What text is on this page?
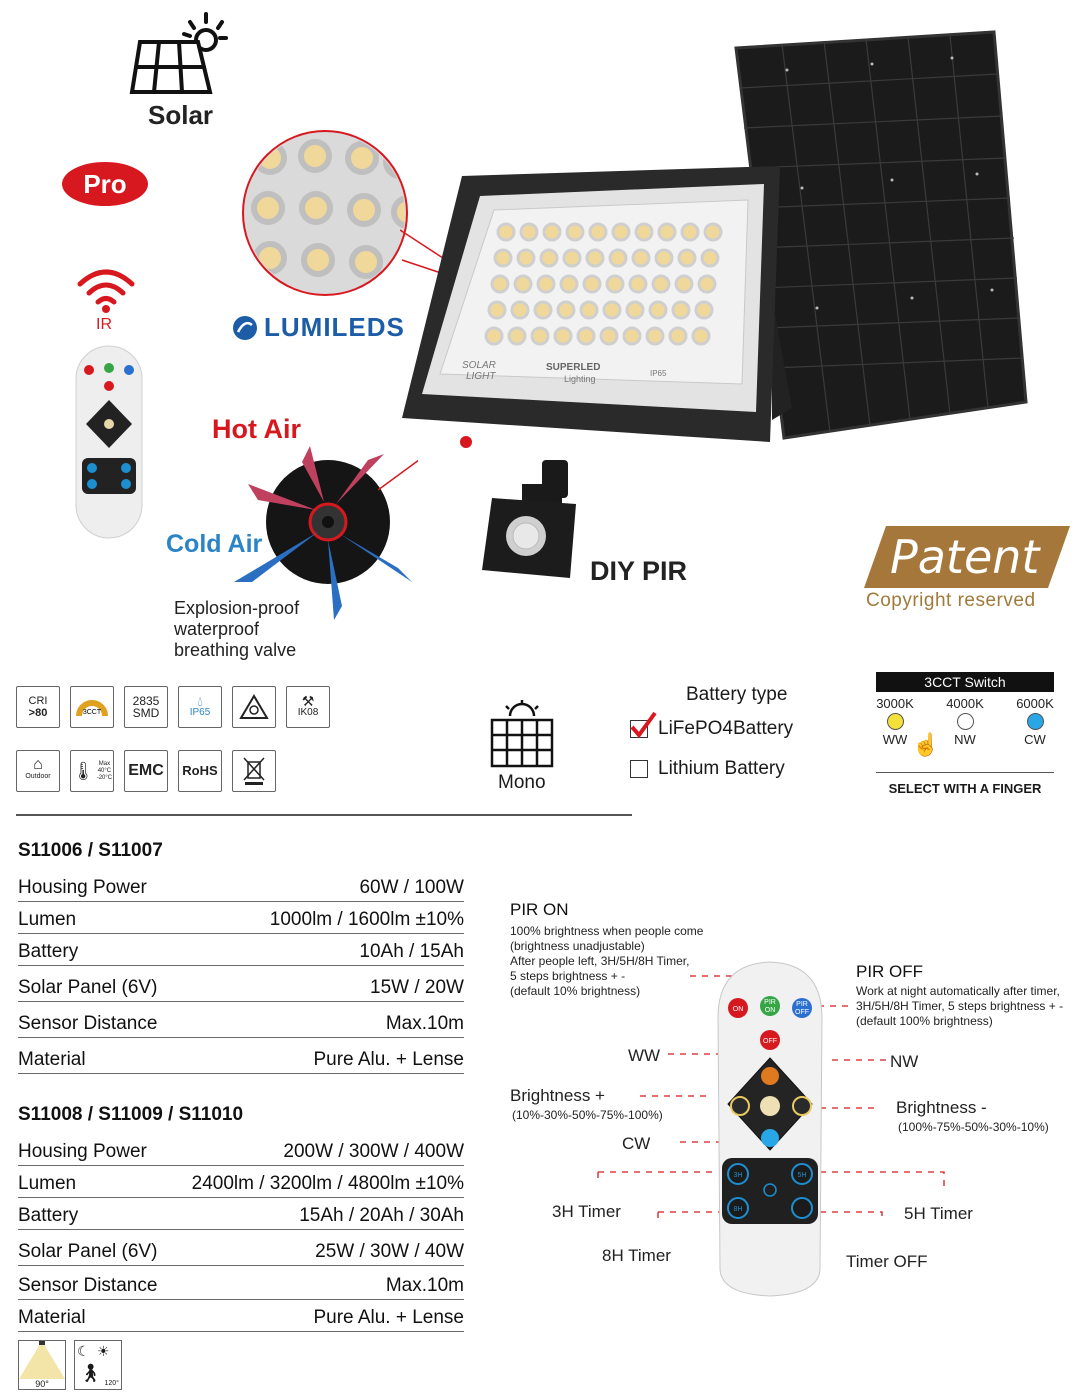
Solar
Pro
IR	LUMILEDS
SOLAR
LIGHT
SUPERLED
Lighting
IP65
Hot Air
Cold Air
Explosion-proof
waterproof
breathing valve
DIY PIR	Patent
Copyright reserved
CRI
>80	3CCT
2835
SMD
💧︎
IP65
⚒
IK08
⌂
Outdoor 🌡︎ Max
40°C
-20°C EMC RoHS
Mono
Battery type
LiFePO4Battery
Lithium Battery
3CCT Switch
3000K
WW
4000K
NW
6000K
CW
☝
SELECT WITH A FINGER
S11006 / S11007
Housing Power	60W / 100W
Lumen	1000lm / 1600lm ±10%
Battery	10Ah / 15Ah
Solar Panel (6V)	15W / 20W
Sensor Distance	Max.10m
Material	Pure Alu. + Lense
S11008 / S11009 / S11010
Housing Power	200W / 300W / 400W
Lumen	2400lm / 3200lm / 4800lm ±10%
Battery	15Ah / 20Ah / 30Ah
Solar Panel (6V)	25W / 30W / 40W
Sensor Distance	Max.10m
Material	Pure Alu. + Lense
90°
☾ ☀
🚶︎
120°
ON
PIR
ON
PIR
OFF
OFF
3H	5H
8H
PIR ON
100% brightness when people come
(brightness unadjustable)
After people left, 3H/5H/8H Timer,
5 steps brightness + -
(default 10% brightness)
PIR OFF
Work at night automatically after timer,
3H/5H/8H Timer, 5 steps brightness + -
(default 100% brightness)
WW	NW
Brightness +
(10%-30%-50%-75%-100%)	Brightness -
(100%-75%-50%-30%-10%)
CW
3H Timer	5H Timer
8H Timer	Timer OFF
